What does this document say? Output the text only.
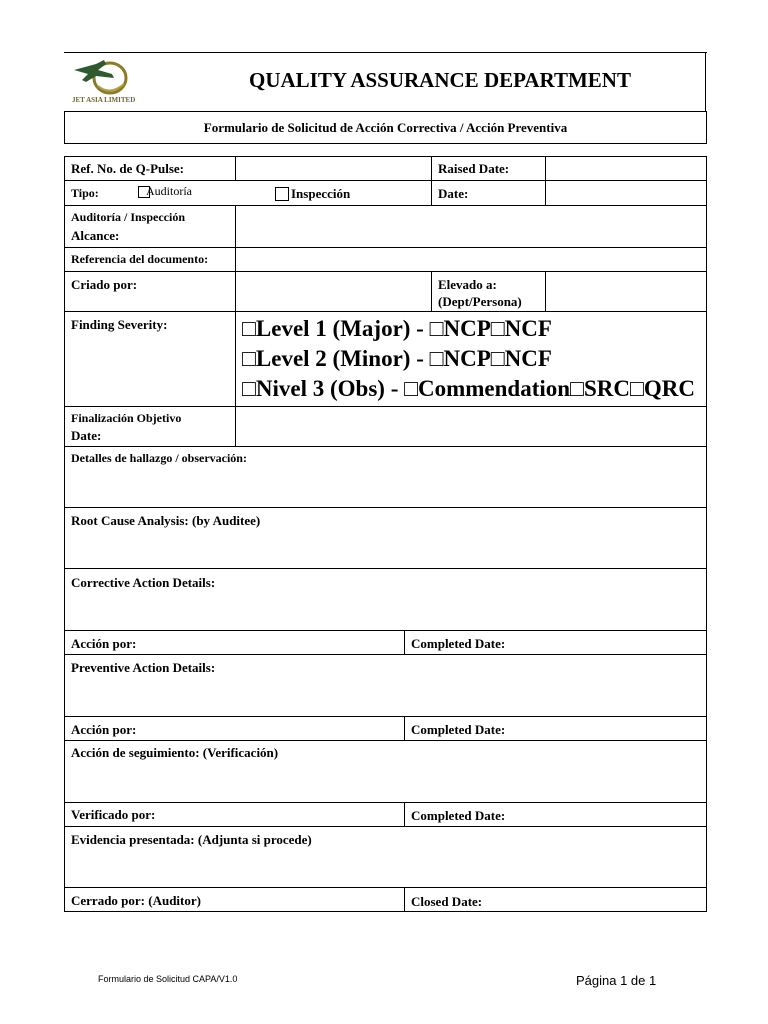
JET ASIA LIMITED
QUALITY ASSURANCE DEPARTMENT
Formulario de Solicitud de Acción Correctiva / Acción Preventiva
Ref. No. de Q-Pulse:	Raised Date:
Tipo:	Auditoría	Inspección	Date:
Auditoría / Inspección
Alcance:
Referencia del documento:
Criado por:	Elevado a:
(Dept/Persona)
Finding Severity:	□Level 1 (Major) - □NCP□NCF
□Level 2 (Minor) - □NCP□NCF
□Nivel 3 (Obs) - □Commendation□SRC□QRC
Finalización Objetivo
Date:
Detalles de hallazgo / observación:
Root Cause Analysis: (by Auditee)
Corrective Action Details:
Acción por:	Completed Date:
Preventive Action Details:
Acción por:	Completed Date:
Acción de seguimiento: (Verificación)
Verificado por:	Completed Date:
Evidencia presentada: (Adjunta si procede)
Cerrado por: (Auditor)	Closed Date:
Formulario de Solicitud CAPA/V1.0	Página 1 de 1
